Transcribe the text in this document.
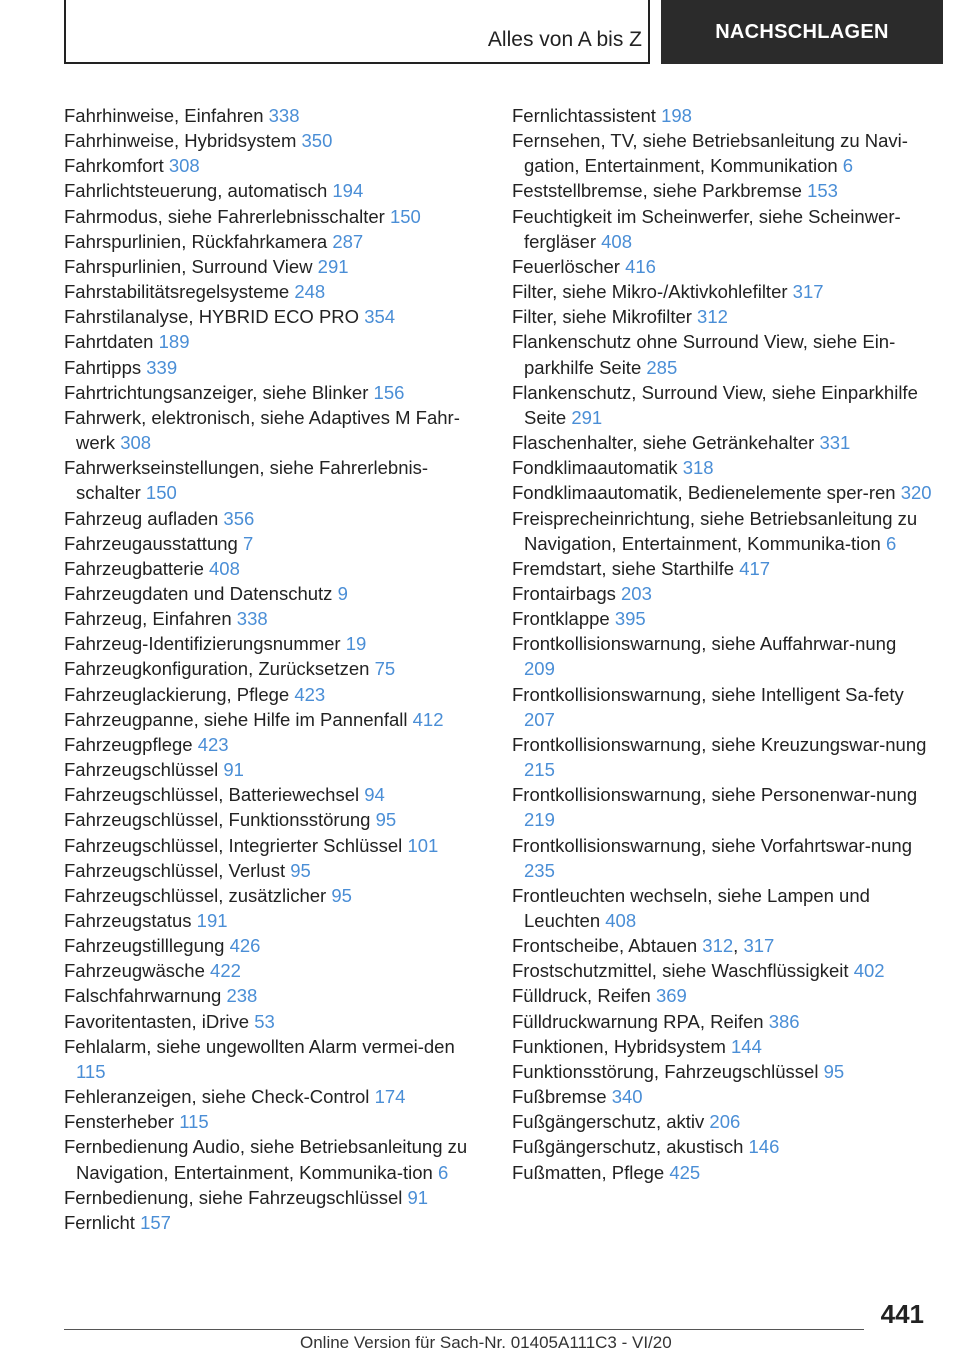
Alles von A bis Z	NACHSCHLAGEN
Fahrhinweise, Einfahren 338
Fahrhinweise, Hybridsystem 350
Fahrkomfort 308
Fahrlichtsteuerung, automatisch 194
Fahrmodus, siehe Fahrerlebnisschalter 150
Fahrspurlinien, Rückfahrkamera 287
Fahrspurlinien, Surround View 291
Fahrstabilitätsregelsysteme 248
Fahrstilanalyse, HYBRID ECO PRO 354
Fahrtdaten 189
Fahrtipps 339
Fahrtrichtungsanzeiger, siehe Blinker 156
Fahrwerk, elektronisch, siehe Adaptives M Fahr-werk 308
Fahrwerkseinstellungen, siehe Fahrerlebnis-schalter 150
Fahrzeug aufladen 356
Fahrzeugausstattung 7
Fahrzeugbatterie 408
Fahrzeugdaten und Datenschutz 9
Fahrzeug, Einfahren 338
Fahrzeug-Identifizierungsnummer 19
Fahrzeugkonfiguration, Zurücksetzen 75
Fahrzeuglackierung, Pflege 423
Fahrzeugpanne, siehe Hilfe im Pannenfall 412
Fahrzeugpflege 423
Fahrzeugschlüssel 91
Fahrzeugschlüssel, Batteriewechsel 94
Fahrzeugschlüssel, Funktionsstörung 95
Fahrzeugschlüssel, Integrierter Schlüssel 101
Fahrzeugschlüssel, Verlust 95
Fahrzeugschlüssel, zusätzlicher 95
Fahrzeugstatus 191
Fahrzeugstilllegung 426
Fahrzeugwäsche 422
Falschfahrwarnung 238
Favoritentasten, iDrive 53
Fehlalarm, siehe ungewollten Alarm vermei-den 115
Fehleranzeigen, siehe Check-Control 174
Fensterheber 115
Fernbedienung Audio, siehe Betriebsanleitung zu Navigation, Entertainment, Kommunika-tion 6
Fernbedienung, siehe Fahrzeugschlüssel 91
Fernlicht 157
Fernlichtassistent 198
Fernsehen, TV, siehe Betriebsanleitung zu Navi-gation, Entertainment, Kommunikation 6
Feststellbremse, siehe Parkbremse 153
Feuchtigkeit im Scheinwerfer, siehe Scheinwer-fergläser 408
Feuerlöscher 416
Filter, siehe Mikro-/Aktivkohlefilter 317
Filter, siehe Mikrofilter 312
Flankenschutz ohne Surround View, siehe Ein-parkhilfe Seite 285
Flankenschutz, Surround View, siehe Einparkhilfe Seite 291
Flaschenhalter, siehe Getränkehalter 331
Fondklimaautomatik 318
Fondklimaautomatik, Bedienelemente sper-ren 320
Freisprecheinrichtung, siehe Betriebsanleitung zu Navigation, Entertainment, Kommunika-tion 6
Fremdstart, siehe Starthilfe 417
Frontairbags 203
Frontklappe 395
Frontkollisionswarnung, siehe Auffahrwar-nung 209
Frontkollisionswarnung, siehe Intelligent Sa-fety 207
Frontkollisionswarnung, siehe Kreuzungswar-nung 215
Frontkollisionswarnung, siehe Personenwar-nung 219
Frontkollisionswarnung, siehe Vorfahrtswar-nung 235
Frontleuchten wechseln, siehe Lampen und Leuchten 408
Frontscheibe, Abtauen 312, 317
Frostschutzmittel, siehe Waschflüssigkeit 402
Fülldruck, Reifen 369
Fülldruckwarnung RPA, Reifen 386
Funktionen, Hybridsystem 144
Funktionsstörung, Fahrzeugschlüssel 95
Fußbremse 340
Fußgängerschutz, aktiv 206
Fußgängerschutz, akustisch 146
Fußmatten, Pflege 425
441
Online Version für Sach-Nr. 01405A111C3 - VI/20
